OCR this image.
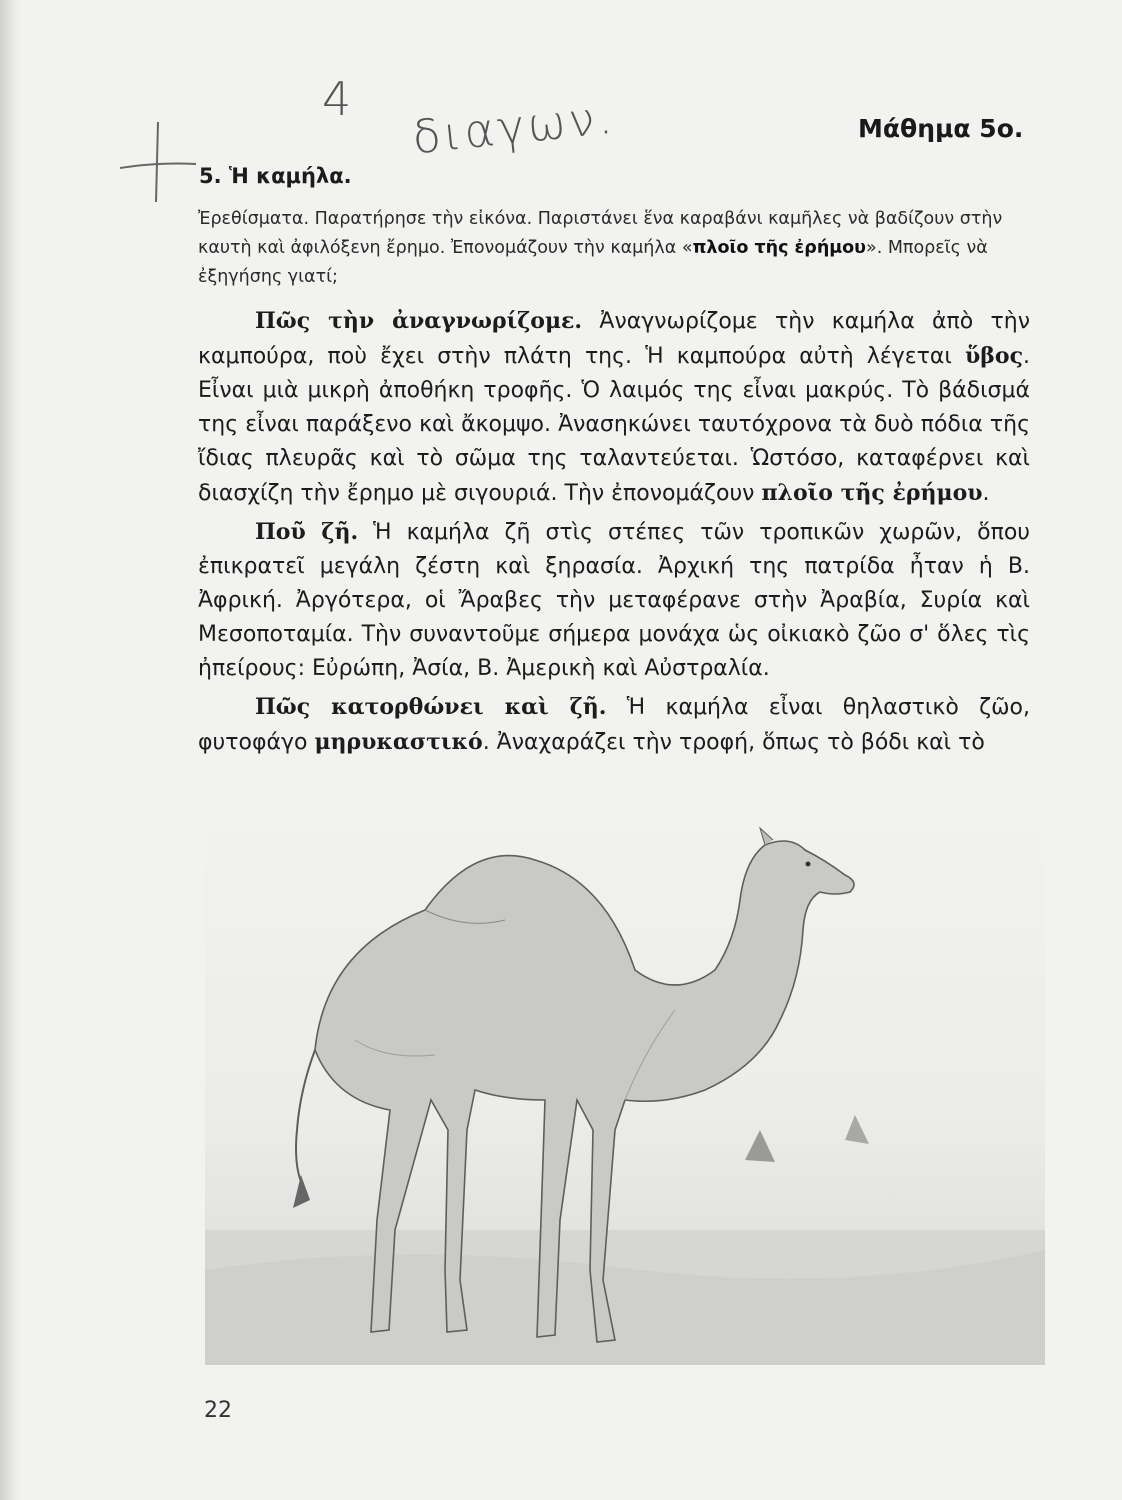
4 διαγων.	Μάθημα 5ο.
5. Ἡ καμήλα.
Ἐρεθίσματα. Παρατήρησε τὴν εἰκόνα. Παριστάνει ἕνα καραβάνι καμῆλες νὰ βαδίζουν στὴν καυτὴ καὶ ἀφιλόξενη ἔρημο. Ἐπονομάζουν τὴν καμήλα «πλοῖο τῆς ἐρήμου». Μπορεῖς νὰ ἐξηγήσης γιατί;

Πῶς τὴν ἀναγνωρίζομε. Ἀναγνωρίζομε τὴν καμήλα ἀπὸ τὴν καμπούρα, ποὺ ἔχει στὴν πλάτη της. Ἡ καμπούρα αὐτὴ λέγεται ὕβος. Εἶναι μιὰ μικρὴ ἀποθήκη τροφῆς. Ὁ λαιμός της εἶναι μακρύς. Τὸ βάδισμά της εἶναι παράξενο καὶ ἄκομψο. Ἀνασηκώνει ταυτόχρονα τὰ δυὸ πόδια τῆς ἴδιας πλευρᾶς καὶ τὸ σῶμα της ταλαντεύεται. Ὡστόσο, καταφέρνει καὶ διασχίζη τὴν ἔρημο μὲ σιγουριά. Τὴν ἐπονομάζουν πλοῖο τῆς ἐρήμου.

Ποῦ ζῆ. Ἡ καμήλα ζῆ στὶς στέπες τῶν τροπικῶν χωρῶν, ὅπου ἐπικρατεῖ μεγάλη ζέστη καὶ ξηρασία. Ἀρχική της πατρίδα ἦταν ἡ Β. Ἀφρική. Ἀργότερα, οἱ Ἄραβες τὴν μεταφέρανε στὴν Ἀραβία, Συρία καὶ Μεσοποταμία. Τὴν συναντοῦμε σήμερα μονάχα ὡς οἰκιακὸ ζῶο σ' ὅλες τὶς ἠπείρους: Εὐρώπη, Ἀσία, Β. Ἀμερικὴ καὶ Αὐστραλία.

Πῶς κατορθώνει καὶ ζῆ. Ἡ καμήλα εἶναι θηλαστικὸ ζῶο, φυτοφάγο μηρυκαστικό. Ἀναχαράζει τὴν τροφή, ὅπως τὸ βόδι καὶ τὸ

22
